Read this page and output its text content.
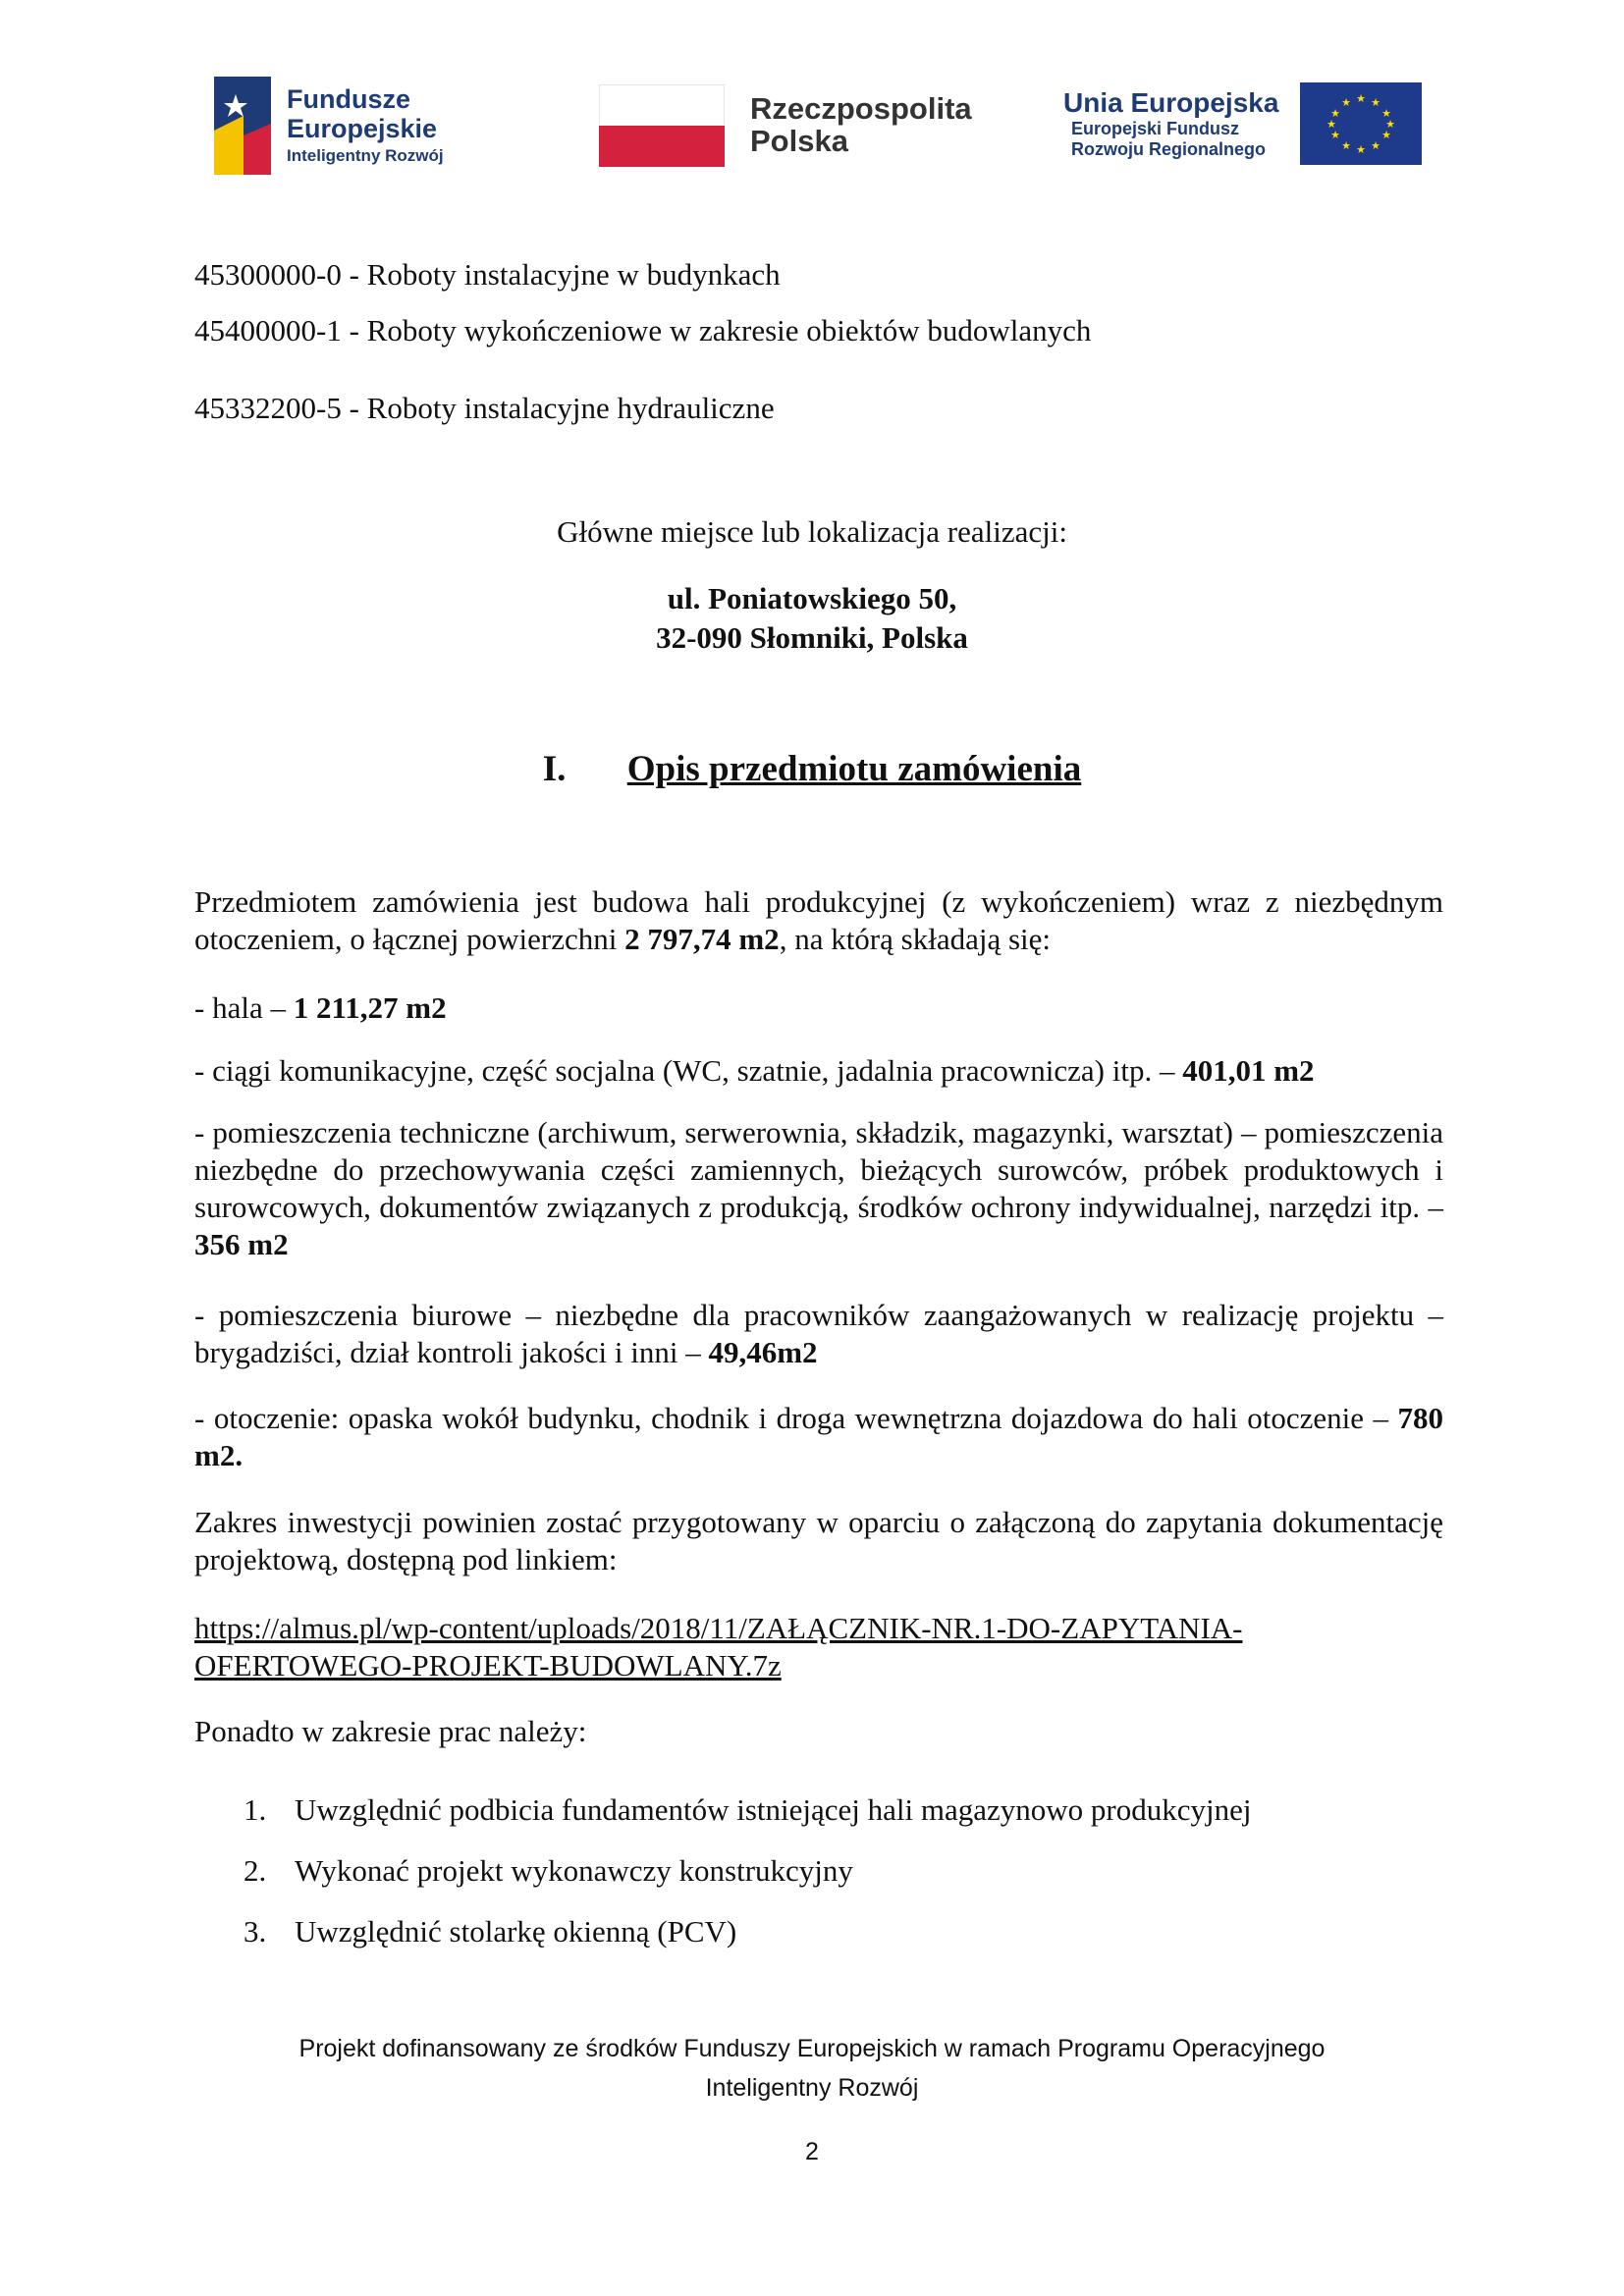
Fundusze
Europejskie
Inteligentny Rozwój
Rzeczpospolita
Polska
Unia Europejska
Europejski Fundusz
Rozwoju Regionalnego
★ ★
★
★
★
★
★
★
★
★
★
★
45300000-0 - Roboty instalacyjne w budynkach
45400000-1 - Roboty wykończeniowe w zakresie obiektów budowlanych
45332200-5 - Roboty instalacyjne hydrauliczne
Główne miejsce lub lokalizacja realizacji:
ul. Poniatowskiego 50,
32-090 Słomniki, Polska
I. Opis przedmiotu zamówienia
Przedmiotem zamówienia jest budowa hali produkcyjnej (z wykończeniem) wraz z niezbędnym otoczeniem, o łącznej powierzchni 2 797,74 m2, na którą składają się:
- hala – 1 211,27 m2
- ciągi komunikacyjne, część socjalna (WC, szatnie, jadalnia pracownicza) itp. – 401,01 m2
- pomieszczenia techniczne (archiwum, serwerownia, składzik, magazynki, warsztat) – pomieszczenia niezbędne do przechowywania części zamiennych, bieżących surowców, próbek produktowych i surowcowych, dokumentów związanych z produkcją, środków ochrony indywidualnej, narzędzi itp. – 356 m2
- pomieszczenia biurowe – niezbędne dla pracowników zaangażowanych w realizację projektu – brygadziści, dział kontroli jakości i inni – 49,46m2
- otoczenie: opaska wokół budynku, chodnik i droga wewnętrzna dojazdowa do hali otoczenie – 780 m2.
Zakres inwestycji powinien zostać przygotowany w oparciu o załączoną do zapytania dokumentację projektową, dostępną pod linkiem:
https://almus.pl/wp-content/uploads/2018/11/ZAŁĄCZNIK-NR.1-DO-ZAPYTANIA-
OFERTOWEGO-PROJEKT-BUDOWLANY.7z
Ponadto w zakresie prac należy:
1. Uwzględnić podbicia fundamentów istniejącej hali magazynowo produkcyjnej
2. Wykonać projekt wykonawczy konstrukcyjny
3. Uwzględnić stolarkę okienną (PCV)
Projekt dofinansowany ze środków Funduszy Europejskich w ramach Programu Operacyjnego
Inteligentny Rozwój
2
